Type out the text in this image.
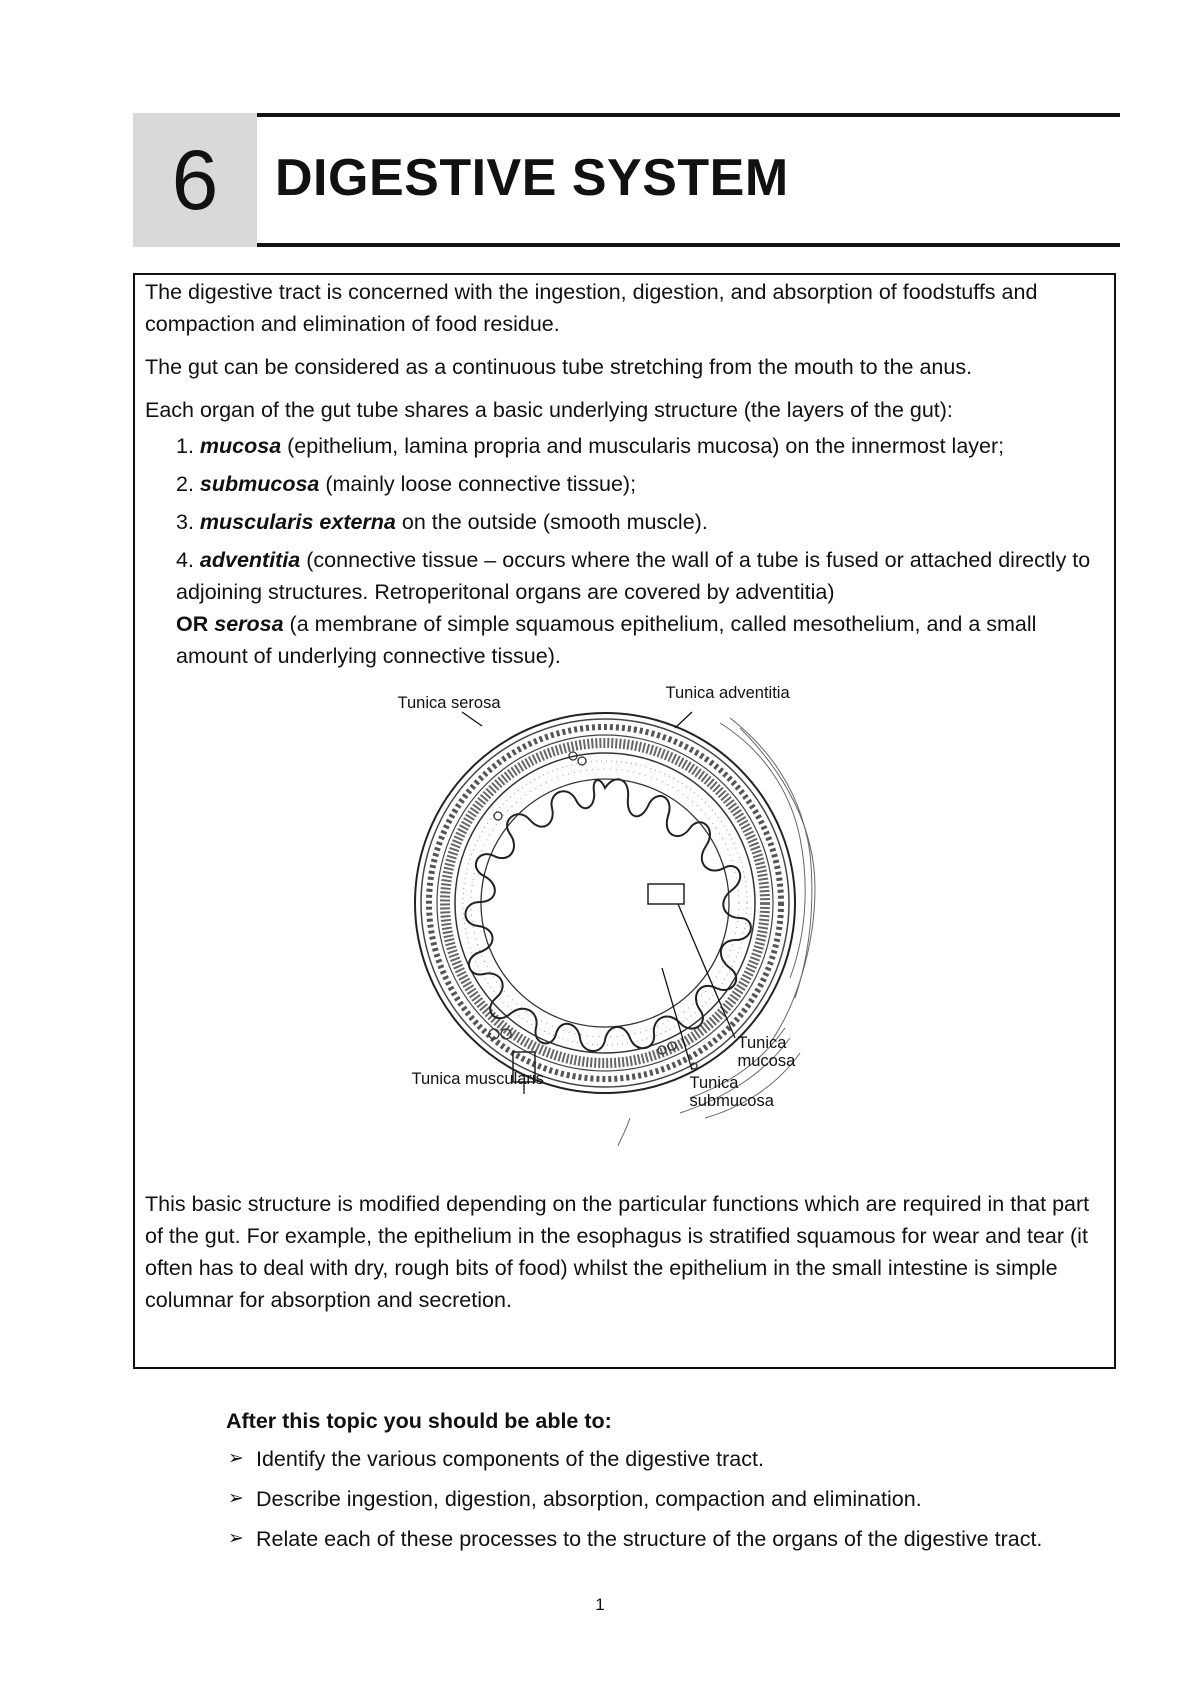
6	DIGESTIVE SYSTEM

The digestive tract is concerned with the ingestion, digestion, and absorption of foodstuffs and compaction and elimination of food residue.

The gut can be considered as a continuous tube stretching from the mouth to the anus.

Each organ of the gut tube shares a basic underlying structure (the layers of the gut):

1. mucosa (epithelium, lamina propria and muscularis mucosa) on the innermost layer;
2. submucosa (mainly loose connective tissue);
3. muscularis externa on the outside (smooth muscle).
4. adventitia (connective tissue – occurs where the wall of a tube is fused or attached directly to adjoining structures. Retroperitonal organs are covered by adventitia)
OR serosa (a membrane of simple squamous epithelium, called mesothelium, and a small amount of underlying connective tissue).
Tunica serosa
Tunica adventitia
Tunica
mucosa
Tunica
submucosa
Tunica muscularis

This basic structure is modified depending on the particular functions which are required in that part of the gut. For example, the epithelium in the esophagus is stratified squamous for wear and tear (it often has to deal with dry, rough bits of food) whilst the epithelium in the small intestine is simple columnar for absorption and secretion.

After this topic you should be able to:

➢ Identify the various components of the digestive tract.
➢ Describe ingestion, digestion, absorption, compaction and elimination.
➢ Relate each of these processes to the structure of the organs of the digestive tract.
1
